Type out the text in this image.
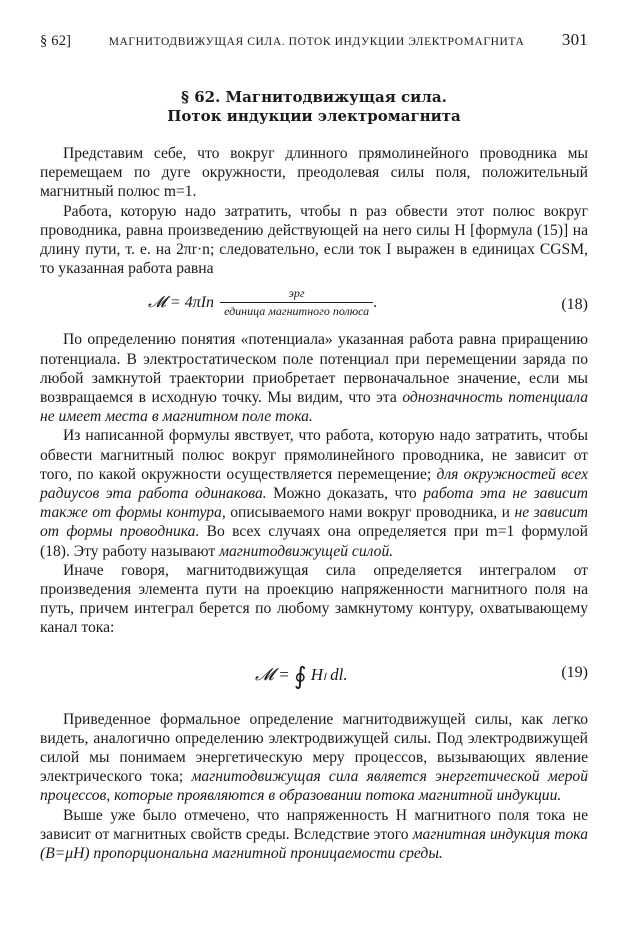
§ 62]	МАГНИТОДВИЖУЩАЯ СИЛА. ПОТОК ИНДУКЦИИ ЭЛЕКТРОМАГНИТА 301
§ 62. Магнитодвижущая сила.
Поток индукции электромагнита

Представим себе, что вокруг длинного прямолинейного проводника мы перемещаем по дуге окружности, преодолевая силы поля, положительный магнитный полюс m=1.

Работа, которую надо затратить, чтобы n раз обвести этот полюс вокруг проводника, равна произведению действующей на него силы H [формула (15)] на длину пути, т. е. на 2πr·n; следовательно, если ток I выражен в единицах CGSM, то указанная работа равна

𝓜 = $4\pi In \frac{\text{эрг}}{\text{единица магнитного полюса}}$ .	(18)

По определению понятия «потенциала» указанная работа равна приращению потенциала. В электростатическом поле потенциал при перемещении заряда по любой замкнутой траектории приобретает первоначальное значение, если мы возвращаемся в исходную точку. Мы видим, что эта однозначность потенциала не имеет места в магнитном поле тока.

Из написанной формулы явствует, что работа, которую надо затратить, чтобы обвести магнитный полюс вокруг прямолинейного проводника, не зависит от того, по какой окружности осуществляется перемещение; для окружностей всех радиусов эта работа одинакова. Можно доказать, что работа эта не зависит также от формы контура, описываемого нами вокруг проводника, и не зависит от формы проводника. Во всех случаях она определяется при m=1 формулой (18). Эту работу называют магнитодвижущей силой.

Иначе говоря, магнитодвижущая сила определяется интегралом от произведения элемента пути на проекцию напряженности магнитного поля на путь, причем интеграл берется по любому замкнутому контуру, охватывающему канал тока:

𝓜 = ∮ Hₗ dl.	(19)

Приведенное формальное определение магнитодвижущей силы, как легко видеть, аналогично определению электродвижущей силы. Под электродвижущей силой мы понимаем энергетическую меру процессов, вызывающих явление электрического тока; магнитодвижущая сила является энергетической мерой процессов, которые проявляются в образовании потока магнитной индукции.

Выше уже было отмечено, что напряженность H магнитного поля тока не зависит от магнитных свойств среды. Вследствие этого магнитная индукция тока (B=μH) пропорциональна магнитной проницаемости среды.
